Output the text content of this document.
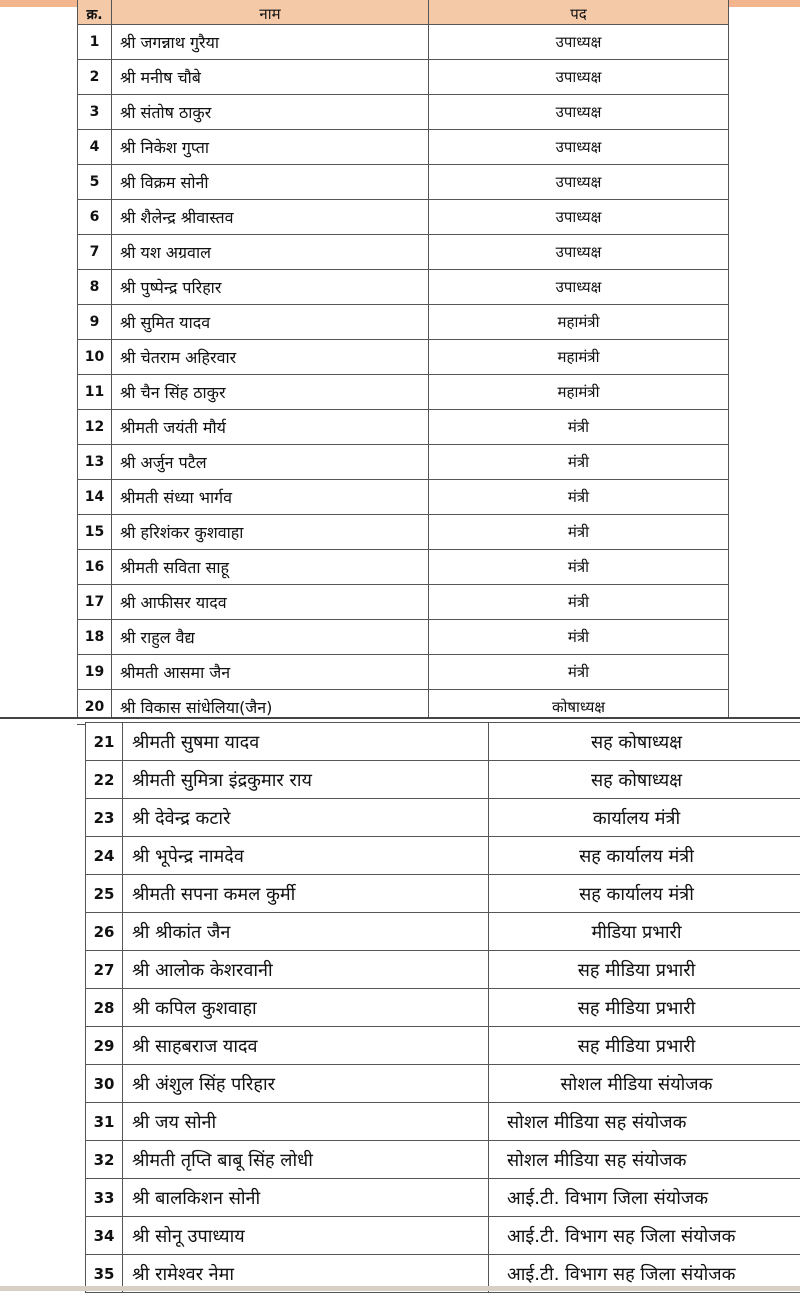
क्र.	नाम	पद
1	श्री जगन्नाथ गुरैया	उपाध्यक्ष
2	श्री मनीष चौबे	उपाध्यक्ष
3	श्री संतोष ठाकुर	उपाध्यक्ष
4	श्री निकेश गुप्ता	उपाध्यक्ष
5	श्री विक्रम सोनी	उपाध्यक्ष
6	श्री शैलेन्द्र श्रीवास्तव	उपाध्यक्ष
7	श्री यश अग्रवाल	उपाध्यक्ष
8	श्री पुष्पेन्द्र परिहार	उपाध्यक्ष
9	श्री सुमित यादव	महामंत्री
10	श्री चेतराम अहिरवार	महामंत्री
11	श्री चैन सिंह ठाकुर	महामंत्री
12	श्रीमती जयंती मौर्य	मंत्री
13	श्री अर्जुन पटैल	मंत्री
14	श्रीमती संध्या भार्गव	मंत्री
15	श्री हरिशंकर कुशवाहा	मंत्री
16	श्रीमती सविता साहू	मंत्री
17	श्री आफीसर यादव	मंत्री
18	श्री राहुल वैद्य	मंत्री
19	श्रीमती आसमा जैन	मंत्री
20	श्री विकास सांधेलिया(जैन)	कोषाध्यक्ष
21	श्रीमती सुषमा यादव	सह कोषाध्यक्ष
22	श्रीमती सुमित्रा इंद्रकुमार राय	सह कोषाध्यक्ष
23	श्री देवेन्द्र कटारे	कार्यालय मंत्री
24	श्री भूपेन्द्र नामदेव	सह कार्यालय मंत्री
25	श्रीमती सपना कमल कुर्मी	सह कार्यालय मंत्री
26	श्री श्रीकांत जैन	मीडिया प्रभारी
27	श्री आलोक केशरवानी	सह मीडिया प्रभारी
28	श्री कपिल कुशवाहा	सह मीडिया प्रभारी
29	श्री साहबराज यादव	सह मीडिया प्रभारी
30	श्री अंशुल सिंह परिहार	सोशल मीडिया संयोजक
31	श्री जय सोनी	सोशल मीडिया सह संयोजक
32	श्रीमती तृप्ति बाबू सिंह लोधी	सोशल मीडिया सह संयोजक
33	श्री बालकिशन सोनी	आई.टी. विभाग जिला संयोजक
34	श्री सोनू उपाध्याय	आई.टी. विभाग सह जिला संयोजक
35	श्री रामेश्वर नेमा	आई.टी. विभाग सह जिला संयोजक
